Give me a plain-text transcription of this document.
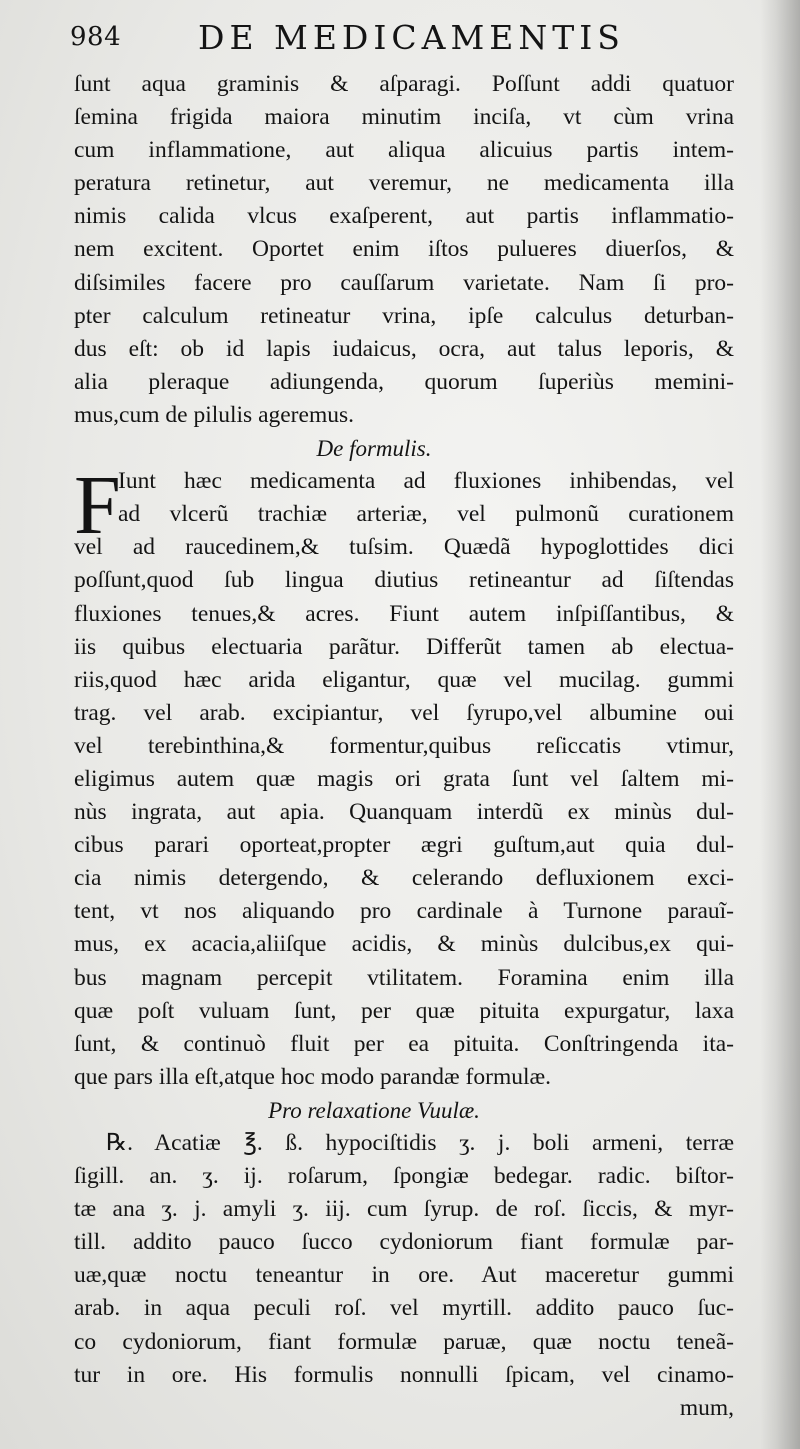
984 DE MEDICAMENTIS
ſunt aqua graminis & aſparagi. Poſſunt addi quatuor
ſemina frigida maiora minutim inciſa, vt cùm vrina
cum inflammatione, aut aliqua alicuius partis intem-
peratura retinetur, aut veremur, ne medicamenta illa
nimis calida vlcus exaſperent, aut partis inflammatio-
nem excitent. Oportet enim iſtos pulueres diuerſos, &
diſsimiles facere pro cauſſarum varietate. Nam ſi pro-
pter calculum retineatur vrina, ipſe calculus deturban-
dus eſt: ob id lapis iudaicus, ocra, aut talus leporis, &
alia pleraque adiungenda, quorum ſuperiùs memini-
mus,cum de pilulis ageremus.
De formulis.
Iunt hæc medicamenta ad fluxiones inhibendas, vel
ad vlcerũ trachiæ arteriæ, vel pulmonũ curationem
vel ad raucedinem,& tuſsim. Quædã hypoglottides dici
poſſunt,quod ſub lingua diutius retineantur ad ſiſtendas
fluxiones tenues,& acres. Fiunt autem inſpiſſantibus, &
iis quibus electuaria parãtur. Differũt tamen ab electua-
riis,quod hæc arida eligantur, quæ vel mucilag. gummi
trag. vel arab. excipiantur, vel ſyrupo,vel albumine oui
vel terebinthina,& formentur,quibus reſiccatis vtimur,
eligimus autem quæ magis ori grata ſunt vel ſaltem mi-
nùs ingrata, aut apia. Quanquam interdũ ex minùs dul-
cibus parari oporteat,propter ægri guſtum,aut quia dul-
cia nimis detergendo, & celerando defluxionem exci-
tent, vt nos aliquando pro cardinale à Turnone parauĩ-
mus, ex acacia,aliiſque acidis, & minùs dulcibus,ex qui-
bus magnam percepit vtilitatem. Foramina enim illa
quæ poſt vuluam ſunt, per quæ pituita expurgatur, laxa
ſunt, & continuò fluit per ea pituita. Conſtringenda ita-
que pars illa eſt,atque hoc modo parandæ formulæ.
Pro relaxatione Vuulæ.
℞. Acatiæ ℥. ß. hypociſtidis ʒ. j. boli armeni, terræ
ſigill. an. ʒ. ij. roſarum, ſpongiæ bedegar. radic. biſtor-
tæ ana ʒ. j. amyli ʒ. iij. cum ſyrup. de roſ. ſiccis, & myr-
till. addito pauco ſucco cydoniorum fiant formulæ par-
uæ,quæ noctu teneantur in ore. Aut maceretur gummi
arab. in aqua peculi roſ. vel myrtill. addito pauco ſuc-
co cydoniorum, fiant formulæ paruæ, quæ noctu teneã-
tur in ore. His formulis nonnulli ſpicam, vel cinamo-
mum,
F
